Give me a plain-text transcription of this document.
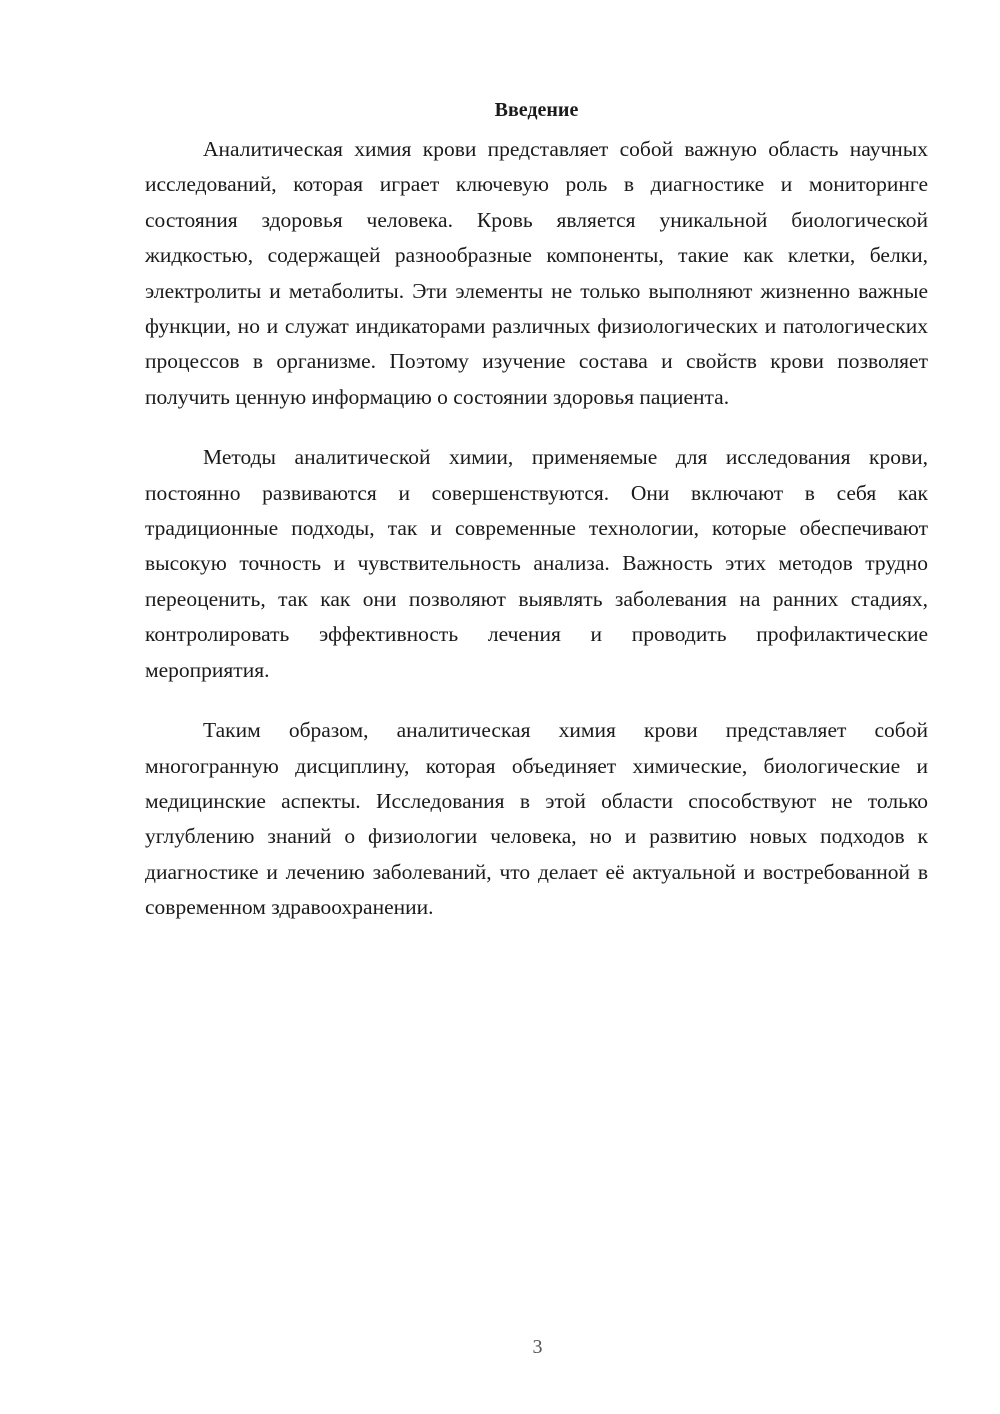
Введение

Аналитическая химия крови представляет собой важную область научных исследований, которая играет ключевую роль в диагностике и мониторинге состояния здоровья человека. Кровь является уникальной биологической жидкостью, содержащей разнообразные компоненты, такие как клетки, белки, электролиты и метаболиты. Эти элементы не только выполняют жизненно важные функции, но и служат индикаторами различных физиологических и патологических процессов в организме. Поэтому изучение состава и свойств крови позволяет получить ценную информацию о состоянии здоровья пациента.

Методы аналитической химии, применяемые для исследования крови, постоянно развиваются и совершенствуются. Они включают в себя как традиционные подходы, так и современные технологии, которые обеспечивают высокую точность и чувствительность анализа. Важность этих методов трудно переоценить, так как они позволяют выявлять заболевания на ранних стадиях, контролировать эффективность лечения и проводить профилактические мероприятия.

Таким образом, аналитическая химия крови представляет собой многогранную дисциплину, которая объединяет химические, биологические и медицинские аспекты. Исследования в этой области способствуют не только углублению знаний о физиологии человека, но и развитию новых подходов к диагностике и лечению заболеваний, что делает её актуальной и востребованной в современном здравоохранении.

3
